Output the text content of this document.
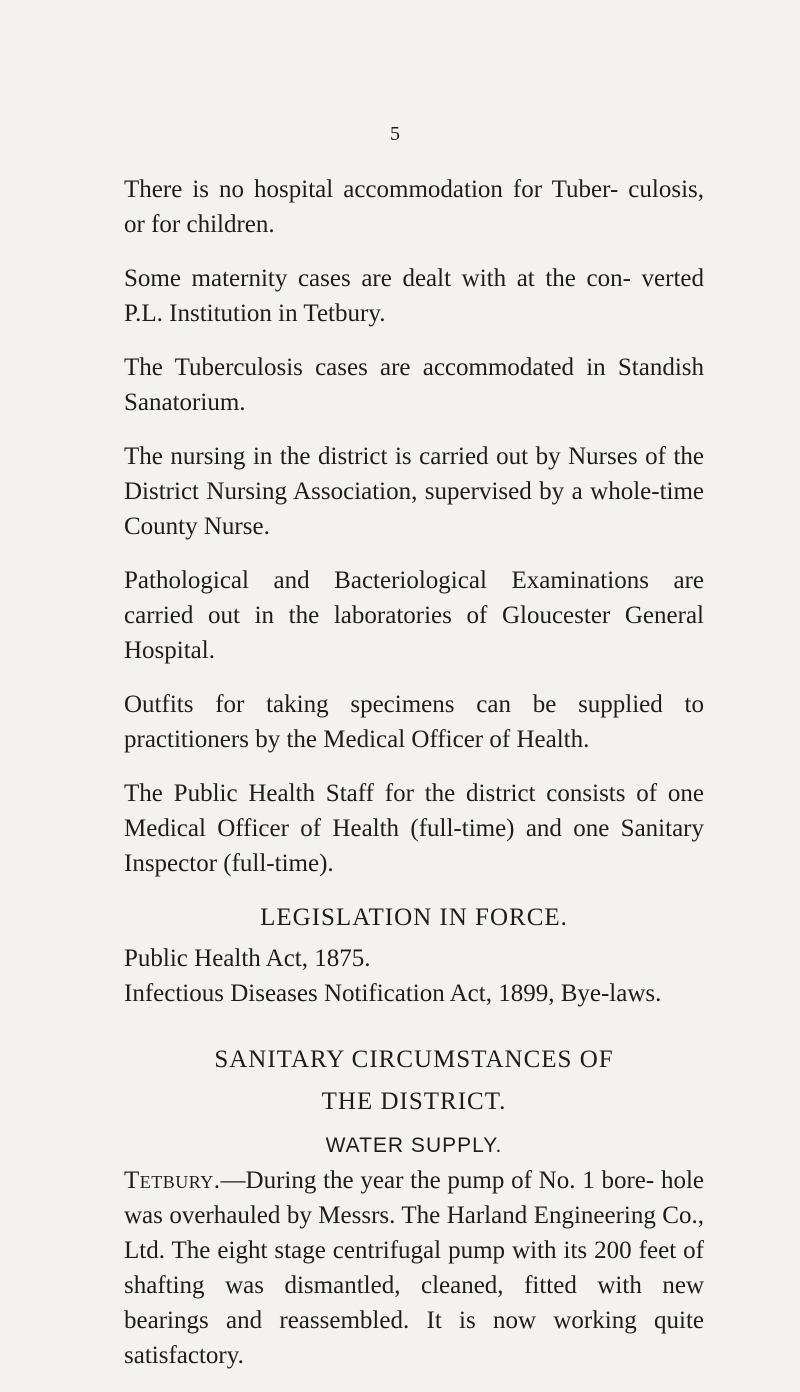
5

There is no hospital accommodation for Tuber- culosis, or for children.

Some maternity cases are dealt with at the con- verted P.L. Institution in Tetbury.

The Tuberculosis cases are accommodated in Standish Sanatorium.

The nursing in the district is carried out by Nurses of the District Nursing Association, supervised by a whole-time County Nurse.

Pathological and Bacteriological Examinations are carried out in the laboratories of Gloucester General Hospital.

Outfits for taking specimens can be supplied to practitioners by the Medical Officer of Health.

The Public Health Staff for the district consists of one Medical Officer of Health (full-time) and one Sanitary Inspector (full-time).

LEGISLATION IN FORCE.

Public Health Act, 1875.

Infectious Diseases Notification Act, 1899, Bye-laws.

SANITARY CIRCUMSTANCES OF
THE DISTRICT.
WATER SUPPLY.

Tetbury.—During the year the pump of No. 1 bore- hole was overhauled by Messrs. The Harland Engineering Co., Ltd. The eight stage centrifugal pump with its 200 feet of shafting was dismantled, cleaned, fitted with new bearings and reassembled. It is now working quite satisfactory.
